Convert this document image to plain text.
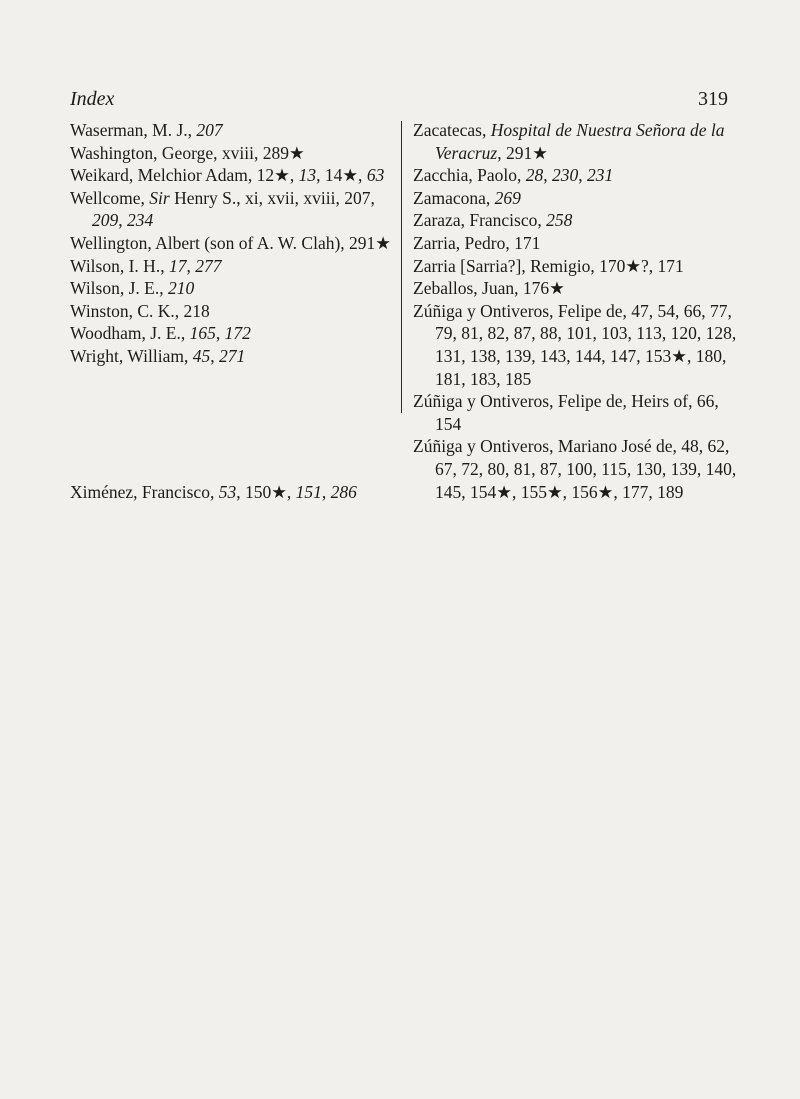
Index	319
Waserman, M. J., 207
Washington, George, xviii, 289★
Weikard, Melchior Adam, 12★, 13, 14★, 63
Wellcome, Sir Henry S., xi, xvii, xviii, 207, 209, 234
Wellington, Albert (son of A. W. Clah), 291★
Wilson, I. H., 17, 277
Wilson, J. E., 210
Winston, C. K., 218
Woodham, J. E., 165, 172
Wright, William, 45, 271
Ximénez, Francisco, 53, 150★, 151, 286
Zacatecas, Hospital de Nuestra Señora de la Veracruz, 291★
Zacchia, Paolo, 28, 230, 231
Zamacona, 269
Zaraza, Francisco, 258
Zarria, Pedro, 171
Zarria [Sarria?], Remigio, 170★?, 171
Zeballos, Juan, 176★
Zúñiga y Ontiveros, Felipe de, 47, 54, 66, 77, 79, 81, 82, 87, 88, 101, 103, 113, 120, 128, 131, 138, 139, 143, 144, 147, 153★, 180, 181, 183, 185
Zúñiga y Ontiveros, Felipe de, Heirs of, 66, 154
Zúñiga y Ontiveros, Mariano José de, 48, 62, 67, 72, 80, 81, 87, 100, 115, 130, 139, 140, 145, 154★, 155★, 156★, 177, 189
